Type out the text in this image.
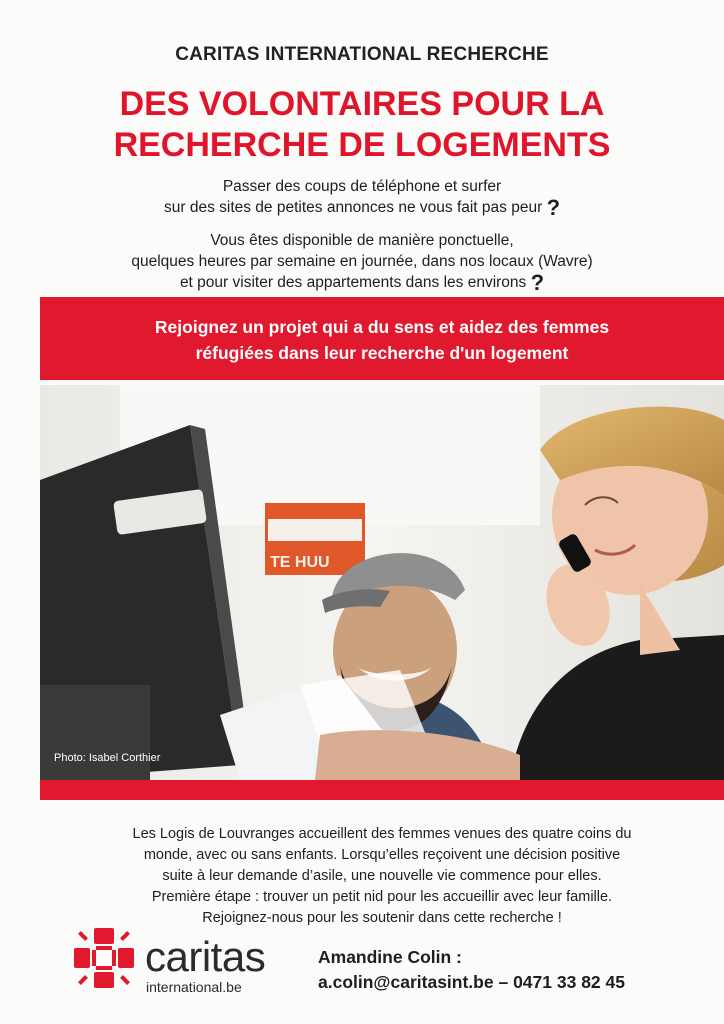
CARITAS INTERNATIONAL RECHERCHE
DES VOLONTAIRES POUR LA
RECHERCHE DE LOGEMENTS
Passer des coups de téléphone et surfer
sur des sites de petites annonces ne vous fait pas peur ?
Vous êtes disponible de manière ponctuelle,
quelques heures par semaine en journée, dans nos locaux (Wavre)
et pour visiter des appartements dans les environs ?
Rejoignez un projet qui a du sens et aidez des femmes
réfugiées dans leur recherche d'un logement
TE HUU
Photo: Isabel Corthier
Les Logis de Louvranges accueillent des femmes venues des quatre coins du
monde, avec ou sans enfants. Lorsqu’elles reçoivent une décision positive
suite à leur demande d’asile, une nouvelle vie commence pour elles.
Première étape : trouver un petit nid pour les accueillir avec leur famille.
Rejoignez-nous pour les soutenir dans cette recherche !
caritas
international.be
Amandine Colin :
a.colin@caritasint.be – 0471 33 82 45
